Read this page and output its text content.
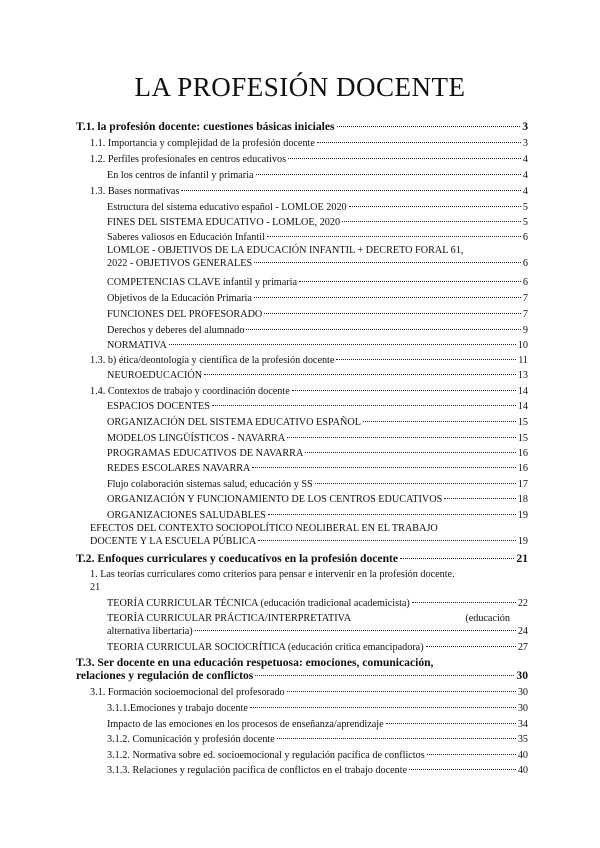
LA PROFESIÓN DOCENTE
T.1. la profesión docente: cuestiones básicas iniciales	3
1.1. Importancia y complejidad de la profesión docente	3
1.2. Perfiles profesionales en centros educativos	4
En los centros de infantil y primaria	4
1.3. Bases normativas	4
Estructura del sistema educativo español - LOMLOE 2020	5
FINES DEL SISTEMA EDUCATIVO - LOMLOE, 2020	5
Saberes valiosos en Educación Infantil	6
LOMLOE - OBJETIVOS DE LA EDUCACIÓN INFANTIL + DECRETO FORAL 61,
2022 - OBJETIVOS GENERALES	6
COMPETENCIAS CLAVE infantil y primaria	6
Objetivos de la Educación Primaria	7
FUNCIONES DEL PROFESORADO	7
Derechos y deberes del alumnado	9
NORMATIVA	10
1.3. b) ética/deontología y científica de la profesión docente	11
NEUROEDUCACIÓN	13
1.4. Contextos de trabajo y coordinación docente	14
ESPACIOS DOCENTES	14
ORGANIZACIÓN DEL SISTEMA EDUCATIVO ESPAÑOL	15
MODELOS LINGÜÍSTICOS - NAVARRA	15
PROGRAMAS EDUCATIVOS DE NAVARRA	16
REDES ESCOLARES NAVARRA	16
Flujo colaboración sistemas salud, educación y SS	17
ORGANIZACIÓN Y FUNCIONAMIENTO DE LOS CENTROS EDUCATIVOS	18
ORGANIZACIONES SALUDABLES	19
EFECTOS DEL CONTEXTO SOCIOPOLÍTICO NEOLIBERAL EN EL TRABAJO
DOCENTE Y LA ESCUELA PÚBLICA	19
T.2. Enfoques curriculares y coeducativos en la profesión docente	21
1. Las teorías curriculares como criterios para pensar e intervenir en la profesión docente.
21
TEORÍA CURRICULAR TÉCNICA (educación tradicional academicista)	22
TEORÍA CURRICULAR PRÁCTICA/INTERPRETATIVA	(educación
alternativa libertaria)	24
TEORIA CURRICULAR SOCIOCRÍTICA (educación crítica emancipadora)	27
T.3. Ser docente en una educación respetuosa: emociones, comunicación,
relaciones y regulación de conflictos	30
3.1. Formación socioemocional del profesorado	30
3.1.1.Emociones y trabajo docente	30
Impacto de las emociones en los procesos de enseñanza/aprendizaje	34
3.1.2. Comunicación y profesión docente	35
3.1.2. Normativa sobre ed. socioemocional y regulación pacífica de conflictos	40
3.1.3. Relaciones y regulación pacífica de conflictos en el trabajo docente	40
